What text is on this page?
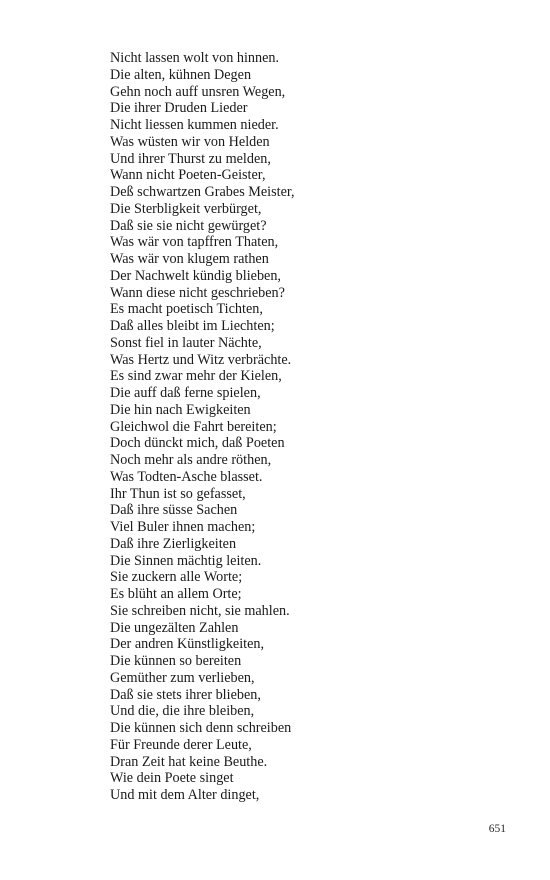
Nicht lassen wolt von hinnen.
Die alten, kühnen Degen
Gehn noch auff unsren Wegen,
Die ihrer Druden Lieder
Nicht liessen kummen nieder.
Was wüsten wir von Helden
Und ihrer Thurst zu melden,
Wann nicht Poeten-Geister,
Deß schwartzen Grabes Meister,
Die Sterbligkeit verbürget,
Daß sie sie nicht gewürget?
Was wär von tapffren Thaten,
Was wär von klugem rathen
Der Nachwelt kündig blieben,
Wann diese nicht geschrieben?
Es macht poetisch Tichten,
Daß alles bleibt im Liechten;
Sonst fiel in lauter Nächte,
Was Hertz und Witz verbrächte.
Es sind zwar mehr der Kielen,
Die auff daß ferne spielen,
Die hin nach Ewigkeiten
Gleichwol die Fahrt bereiten;
Doch dünckt mich, daß Poeten
Noch mehr als andre röthen,
Was Todten-Asche blasset.
Ihr Thun ist so gefasset,
Daß ihre süsse Sachen
Viel Buler ihnen machen;
Daß ihre Zierligkeiten
Die Sinnen mächtig leiten.
Sie zuckern alle Worte;
Es blüht an allem Orte;
Sie schreiben nicht, sie mahlen.
Die ungezälten Zahlen
Der andren Künstligkeiten,
Die künnen so bereiten
Gemüther zum verlieben,
Daß sie stets ihrer blieben,
Und die, die ihre bleiben,
Die künnen sich denn schreiben
Für Freunde derer Leute,
Dran Zeit hat keine Beuthe.
Wie dein Poete singet
Und mit dem Alter dinget,
651
